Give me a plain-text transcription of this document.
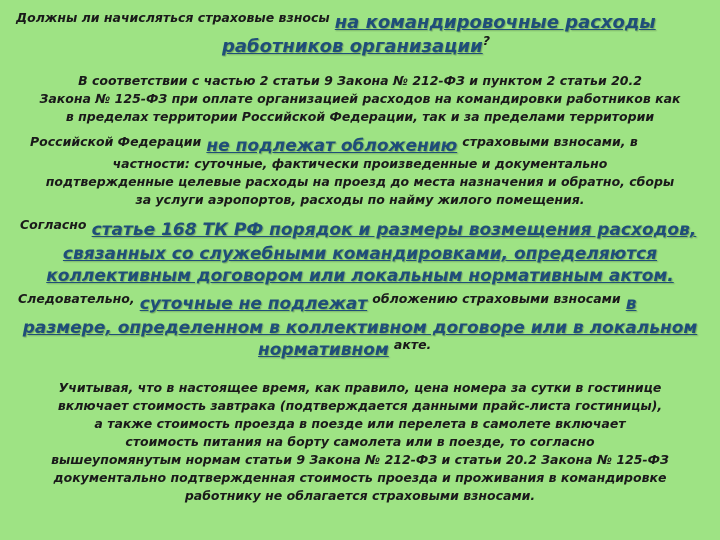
Должны ли начисляться страховые взносы на командировочные расходы
работников организации?
В соответствии с частью 2 статьи 9 Закона № 212-ФЗ и пунктом 2 статьи 20.2
Закона № 125-ФЗ при оплате организацией расходов на командировки работников как
в пределах территории Российской Федерации, так и за пределами территории
Российской Федерации не подлежат обложению страховыми взносами, в
частности: суточные, фактически произведенные и документально
подтвержденные целевые расходы на проезд до места назначения и обратно, сборы
за услуги аэропортов, расходы по найму жилого помещения.
Согласно статье 168 ТК РФ порядок и размеры возмещения расходов,
связанных со служебными командировками, определяются
коллективным договором или локальным нормативным актом.
Следовательно, суточные не подлежат обложению страховыми взносами в
размере, определенном в коллективном договоре или в локальном
нормативном $^{акте.}$
Учитывая, что в настоящее время, как правило, цена номера за сутки в гостинице
включает стоимость завтрака (подтверждается данными прайс-листа гостиницы),
а также стоимость проезда в поезде или перелета в самолете включает
стоимость питания на борту самолета или в поезде, то согласно
вышеупомянутым нормам статьи 9 Закона № 212-ФЗ и статьи 20.2 Закона № 125-ФЗ
документально подтвержденная стоимость проезда и проживания в командировке
работнику не облагается страховыми взносами.
